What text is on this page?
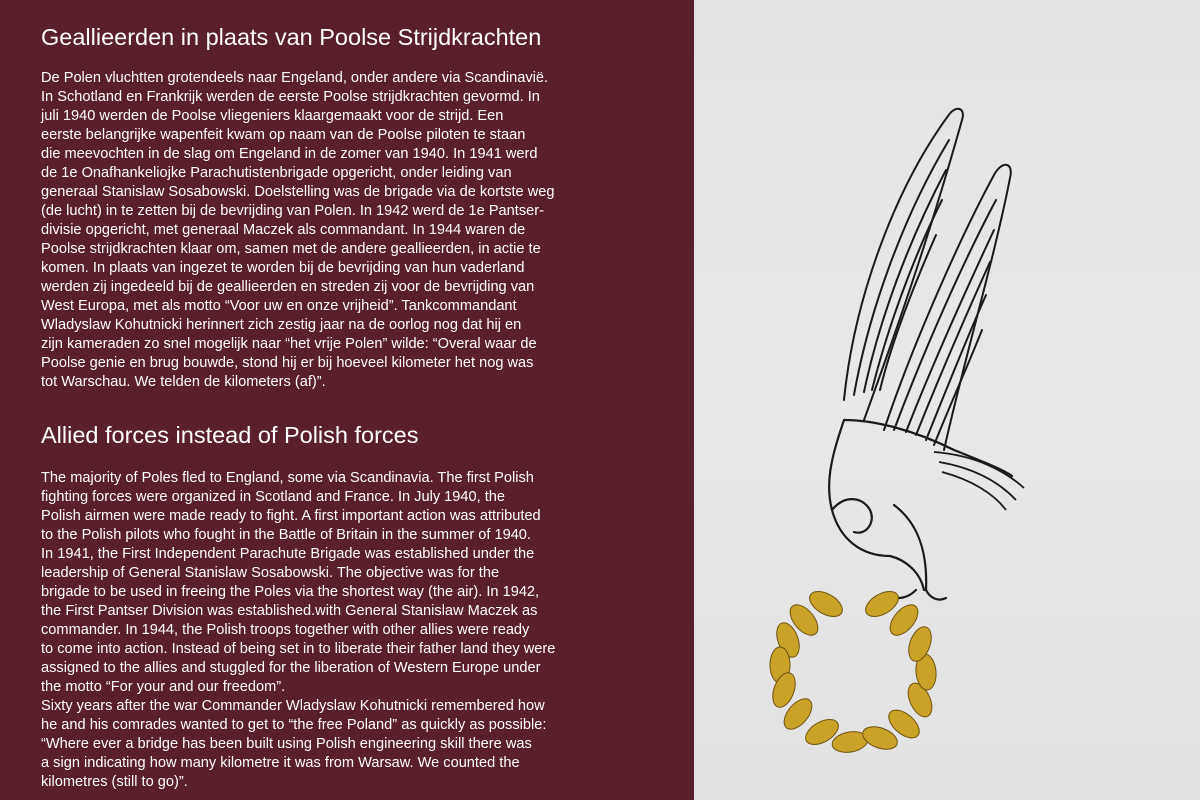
Geallieerden in plaats van Poolse Strijdkrachten

De Polen vluchtten grotendeels naar Engeland, onder andere via Scandinavië.
In Schotland en Frankrijk werden de eerste Poolse strijdkrachten gevormd. In
juli 1940 werden de Poolse vliegeniers klaargemaakt voor de strijd. Een
eerste belangrijke wapenfeit kwam op naam van de Poolse piloten te staan
die meevochten in de slag om Engeland in de zomer van 1940. In 1941 werd
de 1e Onafhankeliojke Parachutistenbrigade opgericht, onder leiding van
generaal Stanislaw Sosabowski. Doelstelling was de brigade via de kortste weg
(de lucht) in te zetten bij de bevrijding van Polen. In 1942 werd de 1e Pantser-
divisie opgericht, met generaal Maczek als commandant. In 1944 waren de
Poolse strijdkrachten klaar om, samen met de andere geallieerden, in actie te
komen. In plaats van ingezet te worden bij de bevrijding van hun vaderland
werden zij ingedeeld bij de geallieerden en streden zij voor de bevrijding van
West Europa, met als motto “Voor uw en onze vrijheid”. Tankcommandant
Wladyslaw Kohutnicki herinnert zich zestig jaar na de oorlog nog dat hij en
zijn kameraden zo snel mogelijk naar “het vrije Polen” wilde: “Overal waar de
Poolse genie en brug bouwde, stond hij er bij hoeveel kilometer het nog was
tot Warschau. We telden de kilometers (af)”.

Allied forces instead of Polish forces

The majority of Poles fled to England, some via Scandinavia. The first Polish
fighting forces were organized in Scotland and France. In July 1940, the
Polish airmen were made ready to fight. A first important action was attributed
to the Polish pilots who fought in the Battle of Britain in the summer of 1940.
In 1941, the First Independent Parachute Brigade was established under the
leadership of General Stanislaw Sosabowski. The objective was for the
brigade to be used in freeing the Poles via the shortest way (the air). In 1942,
the First Pantser Division was established.with General Stanislaw Maczek as
commander. In 1944, the Polish troops together with other allies were ready
to come into action. Instead of being set in to liberate their father land they were
assigned to the allies and stuggled for the liberation of Western Europe under
the motto “For your and our freedom”.
Sixty years after the war Commander Wladyslaw Kohutnicki remembered how
he and his comrades wanted to get to “the free Poland” as quickly as possible:
“Where ever a bridge has been built using Polish engineering skill there was
a sign indicating how many kilometre it was from Warsaw. We counted the
kilometres (still to go)”.
